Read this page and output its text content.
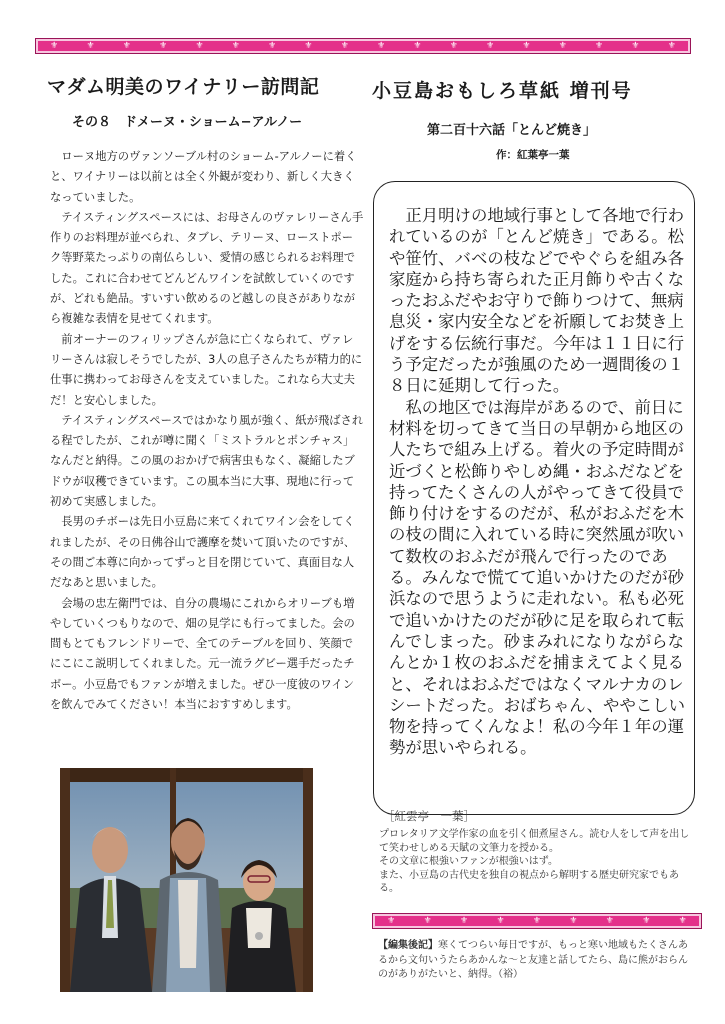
⚜	⚜	⚜	⚜	⚜	⚜	⚜	⚜	⚜	⚜	⚜	⚜	⚜	⚜	⚜	⚜	⚜	⚜
マダム明美のワイナリー訪問記
その８　ドメーヌ・ショーム−アルノー
小豆島おもしろ草紙 増刊号
第二百十六話「とんど焼き」
作：紅葉亭一葉

ローヌ地方のヴァンソーブル村のショーム-アルノーに着くと、ワイナリーは以前とは全く外観が変わり、新しく大きくなっていました。

テイスティングスペースには、お母さんのヴァレリーさん手作りのお料理が並べられ、タブレ、テリーヌ、ローストポーク等野菜たっぷりの南仏らしい、愛情の感じられるお料理でした。これに合わせてどんどんワインを試飲していくのですが、どれも絶品。すいすい飲めるのど越しの良さがありながら複雑な表情を見せてくれます。

前オーナーのフィリップさんが急に亡くなられて、ヴァレリーさんは寂しそうでしたが、3人の息子さんたちが精力的に仕事に携わってお母さんを支えていました。これなら大丈夫だ！と安心しました。

テイスティングスペースではかなり風が強く、紙が飛ばされる程でしたが、これが噂に聞く「ミストラルとポンチャス」なんだと納得。この風のおかげで病害虫もなく、凝縮したブドウが収穫できています。この風本当に大事、現地に行って初めて実感しました。

長男のチボーは先日小豆島に来てくれてワイン会をしてくれましたが、その日佛谷山で護摩を焚いて頂いたのですが、その間ご本尊に向かってずっと目を閉じていて、真面目な人だなあと思いました。

会場の忠左衛門では、自分の農場にこれからオリーブも増やしていくつもりなので、畑の見学にも行ってました。会の間もとてもフレンドリーで、全てのテーブルを回り、笑顔でにこにこ説明してくれました。元一流ラグビー選手だったチボー。小豆島でもファンが増えました。ぜひ一度彼のワインを飲んでみてください！本当におすすめします。

正月明けの地域行事として各地で行われているのが「とんど焼き」である。松や笹竹、バベの枝などでやぐらを組み各家庭から持ち寄られた正月飾りや古くなったおふだやお守りで飾りつけて、無病息災・家内安全などを祈願してお焚き上げをする伝統行事だ。今年は１１日に行う予定だったが強風のため一週間後の１８日に延期して行った。

私の地区では海岸があるので、前日に材料を切ってきて当日の早朝から地区の人たちで組み上げる。着火の予定時間が近づくと松飾りやしめ縄・おふだなどを持ってたくさんの人がやってきて役員で飾り付けをするのだが、私がおふだを木の枝の間に入れている時に突然風が吹いて数枚のおふだが飛んで行ったのである。みんなで慌てて追いかけたのだが砂浜なので思うように走れない。私も必死で追いかけたのだが砂に足を取られて転んでしまった。砂まみれになりながらなんとか１枚のおふだを捕まえてよく見ると、それはおふだではなくマルナカのレシートだった。おばちゃん、ややこしい物を持ってくんなよ！私の今年１年の運勢が思いやられる。

［紅雲亭　一葉］

プロレタリア文学作家の血を引く佃煮屋さん。読む人をして声を出して笑わせしめる天賦の文筆力を授かる。

その文章に根強いファンが根強いはず。

また、小豆島の古代史を独自の視点から解明する歴史研究家でもある。

⚜	⚜	⚜	⚜	⚜	⚜	⚜	⚜	⚜
【編集後記】寒くてつらい毎日ですが、もっと寒い地域もたくさんあるから文句いうたらあかんな〜と友達と話してたら、島に熊がおらんのがありがたいと、納得。（裕）
